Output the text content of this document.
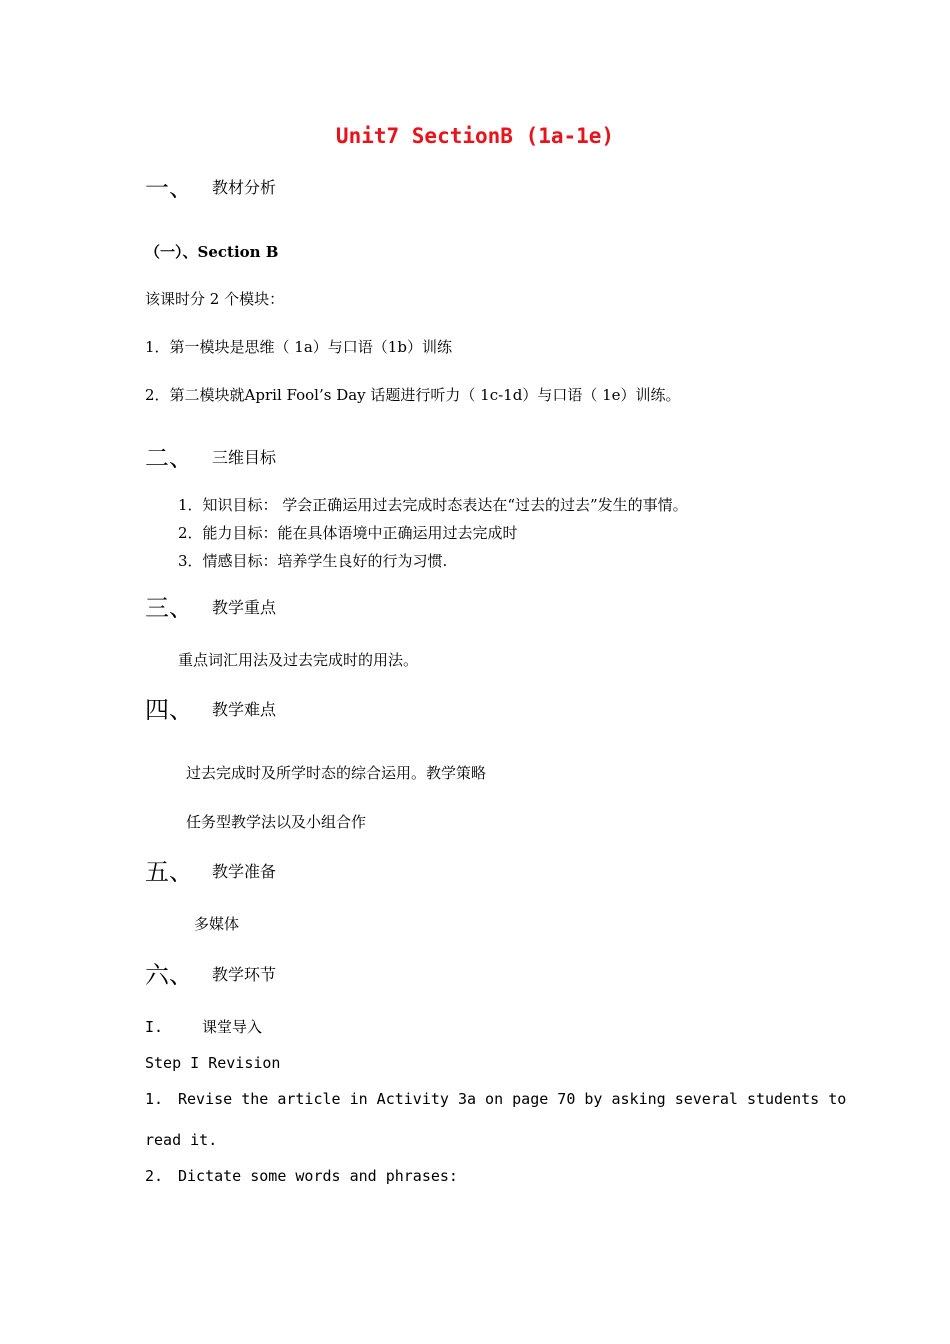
Unit7 SectionB (1a-1e)
一、 教材分析
（一）、Section B
该课时分 2 个模块：
1．第一模块是思维（ 1a）与口语（1b）训练
2．第二模块就April Fool’s Day 话题进行听力（ 1c-1d）与口语（ 1e）训练。
二、 三维目标
1．知识目标： 学会正确运用过去完成时态表达在“过去的过去”发生的事情。
2．能力目标：能在具体语境中正确运用过去完成时
3．情感目标：培养学生良好的行为习惯.
三、 教学重点
重点词汇用法及过去完成时的用法。
四、 教学难点
过去完成时及所学时态的综合运用。教学策略
任务型教学法以及小组合作
五、 教学准备
多媒体
六、 教学环节
I.	课堂导入
Step I Revision
1. Revise the article in Activity 3a on page 70 by asking several students to
read it.
2. Dictate some words and phrases:
